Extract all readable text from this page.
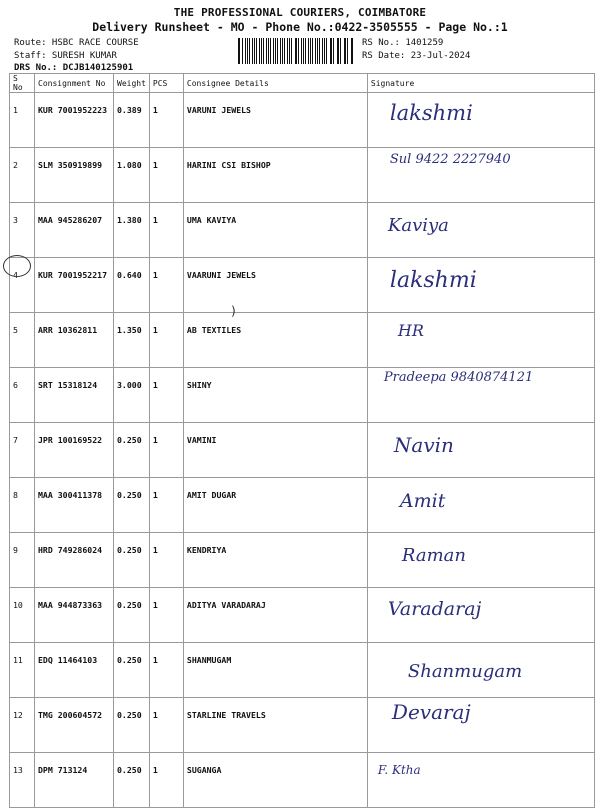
THE PROFESSIONAL COURIERS, COIMBATORE
Delivery Runsheet - MO - Phone No.:0422-3505555 - Page No.:1
Route: HSBC RACE COURSE
Staff: SURESH KUMAR
DRS No.: DCJB140125901
RS No.: 1401259
RS Date: 23-Jul-2024
S No	Consignment No	Weight	PCS	Consignee Details	Signature
1	KUR 7001952223	0.389	1	VARUNI JEWELS	lakshmi

2	SLM 350919899	1.080	1	HARINI CSI BISHOP	Sul 9422 2227940

3	MAA 945286207	1.380	1	UMA KAVIYA	Kaviya

4	KUR 7001952217	0.640	1	VAARUNI JEWELS	lakshmi

5	ARR 10362811	1.350	1	AB TEXTILES	HR

6	SRT 15318124	3.000	1	SHINY	Pradeepa 9840874121

7	JPR 100169522	0.250	1	VAMINI	Navin

8	MAA 300411378	0.250	1	AMIT DUGAR	Amit

9	HRD 749286024	0.250	1	KENDRIYA	Raman

10	MAA 944873363	0.250	1	ADITYA VARADARAJ	Varadaraj

11	EDQ 11464103	0.250	1	SHANMUGAM	Shanmugam

12	TMG 200604572	0.250	1	STARLINE TRAVELS	Devaraj

13	DPM 713124	0.250	1	SUGANGA	F. Ktha
)
